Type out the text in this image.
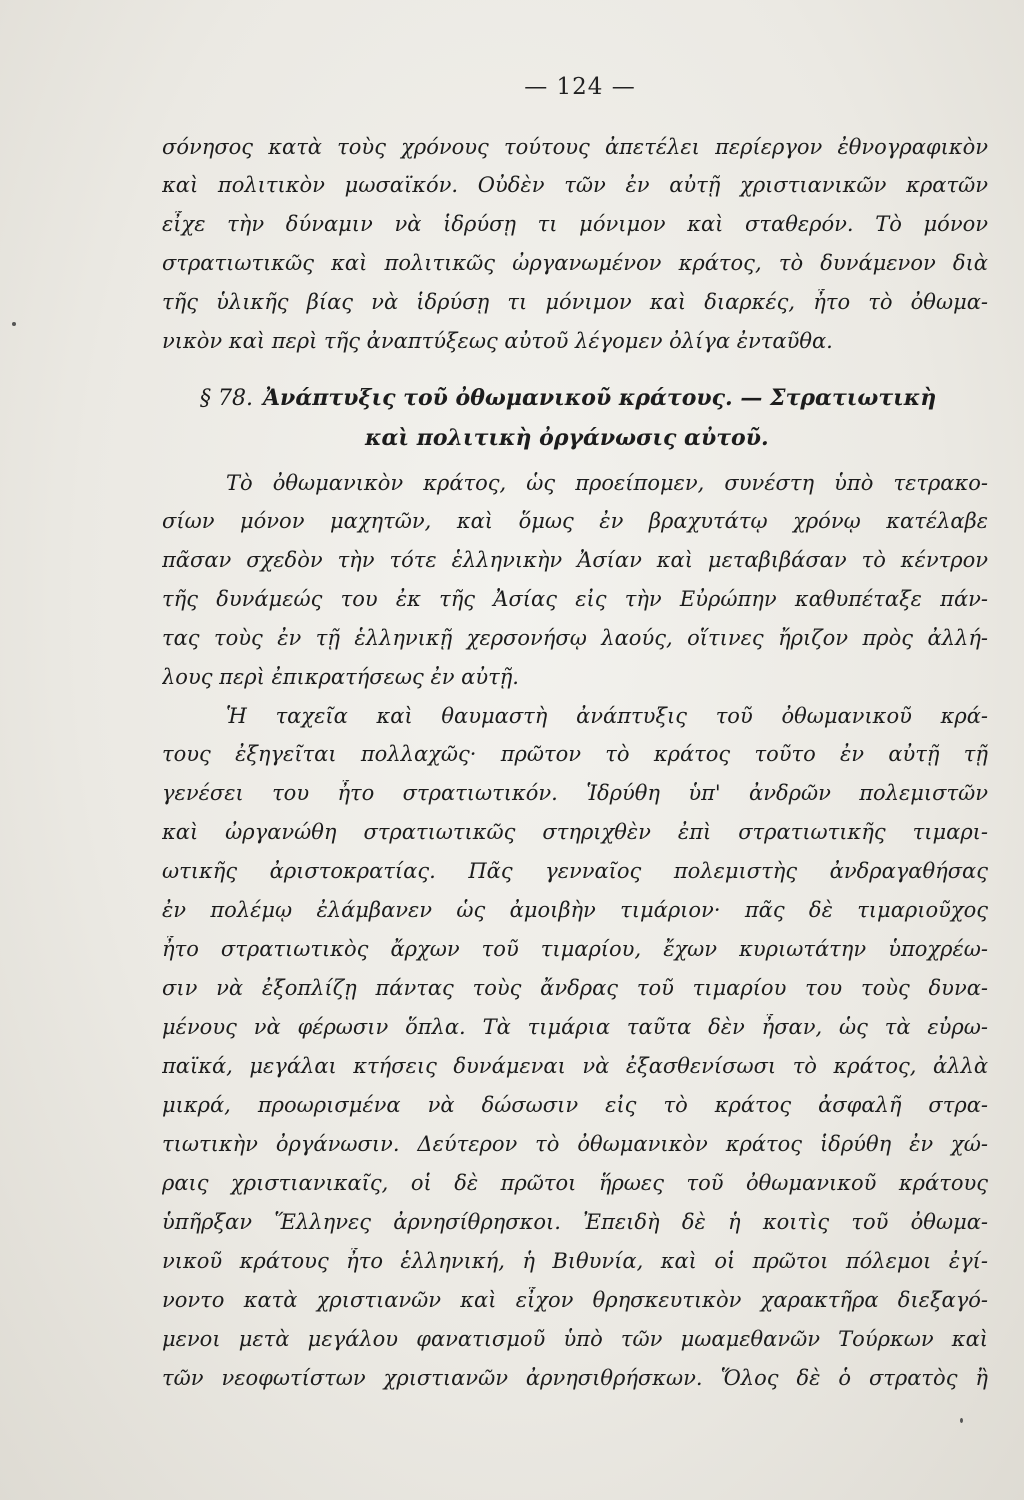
— 124 —
σόνησος κατὰ τοὺς χρόνους τούτους ἀπετέλει περίεργον ἐθνογραφικὸν
καὶ πολιτικὸν μωσαϊκόν. Οὐδὲν τῶν ἐν αὐτῇ χριστιανικῶν κρατῶν
εἶχε τὴν δύναμιν νὰ ἱδρύσῃ τι μόνιμον καὶ σταθερόν. Τὸ μόνον
στρατιωτικῶς καὶ πολιτικῶς ὠργανωμένον κράτος, τὸ δυνάμενον διὰ
τῆς ὑλικῆς βίας νὰ ἱδρύσῃ τι μόνιμον καὶ διαρκές, ἦτο τὸ ὀθωμα-
νικὸν καὶ περὶ τῆς ἀναπτύξεως αὐτοῦ λέγομεν ὀλίγα ἐνταῦθα.
§ 78. Ἀνάπτυξις τοῦ ὀθωμανικοῦ κράτους. — Στρατιωτικὴ
καὶ πολιτικὴ ὀργάνωσις αὐτοῦ.
Τὸ ὀθωμανικὸν κράτος, ὡς προείπομεν, συνέστη ὑπὸ τετρακο-
σίων μόνον μαχητῶν, καὶ ὅμως ἐν βραχυτάτῳ χρόνῳ κατέλαβε
πᾶσαν σχεδὸν τὴν τότε ἑλληνικὴν Ἀσίαν καὶ μεταβιβάσαν τὸ κέντρον
τῆς δυνάμεώς του ἐκ τῆς Ἀσίας εἰς τὴν Εὐρώπην καθυπέταξε πάν-
τας τοὺς ἐν τῇ ἑλληνικῇ χερσονήσῳ λαούς, οἵτινες ἤριζον πρὸς ἀλλή-
λους περὶ ἐπικρατήσεως ἐν αὐτῇ.
Ἡ ταχεῖα καὶ θαυμαστὴ ἀνάπτυξις τοῦ ὀθωμανικοῦ κρά-
τους ἐξηγεῖται πολλαχῶς· πρῶτον τὸ κράτος τοῦτο ἐν αὐτῇ τῇ
γενέσει του ἦτο στρατιωτικόν. Ἱδρύθη ὑπ' ἀνδρῶν πολεμιστῶν
καὶ ὠργανώθη στρατιωτικῶς στηριχθὲν ἐπὶ στρατιωτικῆς τιμαρι-
ωτικῆς ἀριστοκρατίας. Πᾶς γενναῖος πολεμιστὴς ἀνδραγαθήσας
ἐν πολέμῳ ἐλάμβανεν ὡς ἀμοιβὴν τιμάριον· πᾶς δὲ τιμαριοῦχος
ἦτο στρατιωτικὸς ἄρχων τοῦ τιμαρίου, ἔχων κυριωτάτην ὑποχρέω-
σιν νὰ ἐξοπλίζῃ πάντας τοὺς ἄνδρας τοῦ τιμαρίου του τοὺς δυνα-
μένους νὰ φέρωσιν ὅπλα. Τὰ τιμάρια ταῦτα δὲν ἦσαν, ὡς τὰ εὐρω-
παϊκά, μεγάλαι κτήσεις δυνάμεναι νὰ ἐξασθενίσωσι τὸ κράτος, ἀλλὰ
μικρά, προωρισμένα νὰ δώσωσιν εἰς τὸ κράτος ἀσφαλῆ στρα-
τιωτικὴν ὀργάνωσιν. Δεύτερον τὸ ὀθωμανικὸν κράτος ἱδρύθη ἐν χώ-
ραις χριστιανικαῖς, οἱ δὲ πρῶτοι ἥρωες τοῦ ὀθωμανικοῦ κράτους
ὑπῆρξαν Ἕλληνες ἀρνησίθρησκοι. Ἐπειδὴ δὲ ἡ κοιτὶς τοῦ ὀθωμα-
νικοῦ κράτους ἦτο ἑλληνική, ἡ Βιθυνία, καὶ οἱ πρῶτοι πόλεμοι ἐγί-
νοντο κατὰ χριστιανῶν καὶ εἶχον θρησκευτικὸν χαρακτῆρα διεξαγό-
μενοι μετὰ μεγάλου φανατισμοῦ ὑπὸ τῶν μωαμεθανῶν Τούρκων καὶ
τῶν νεοφωτίστων χριστιανῶν ἀρνησιθρήσκων. Ὅλος δὲ ὁ στρατὸς ἢ
